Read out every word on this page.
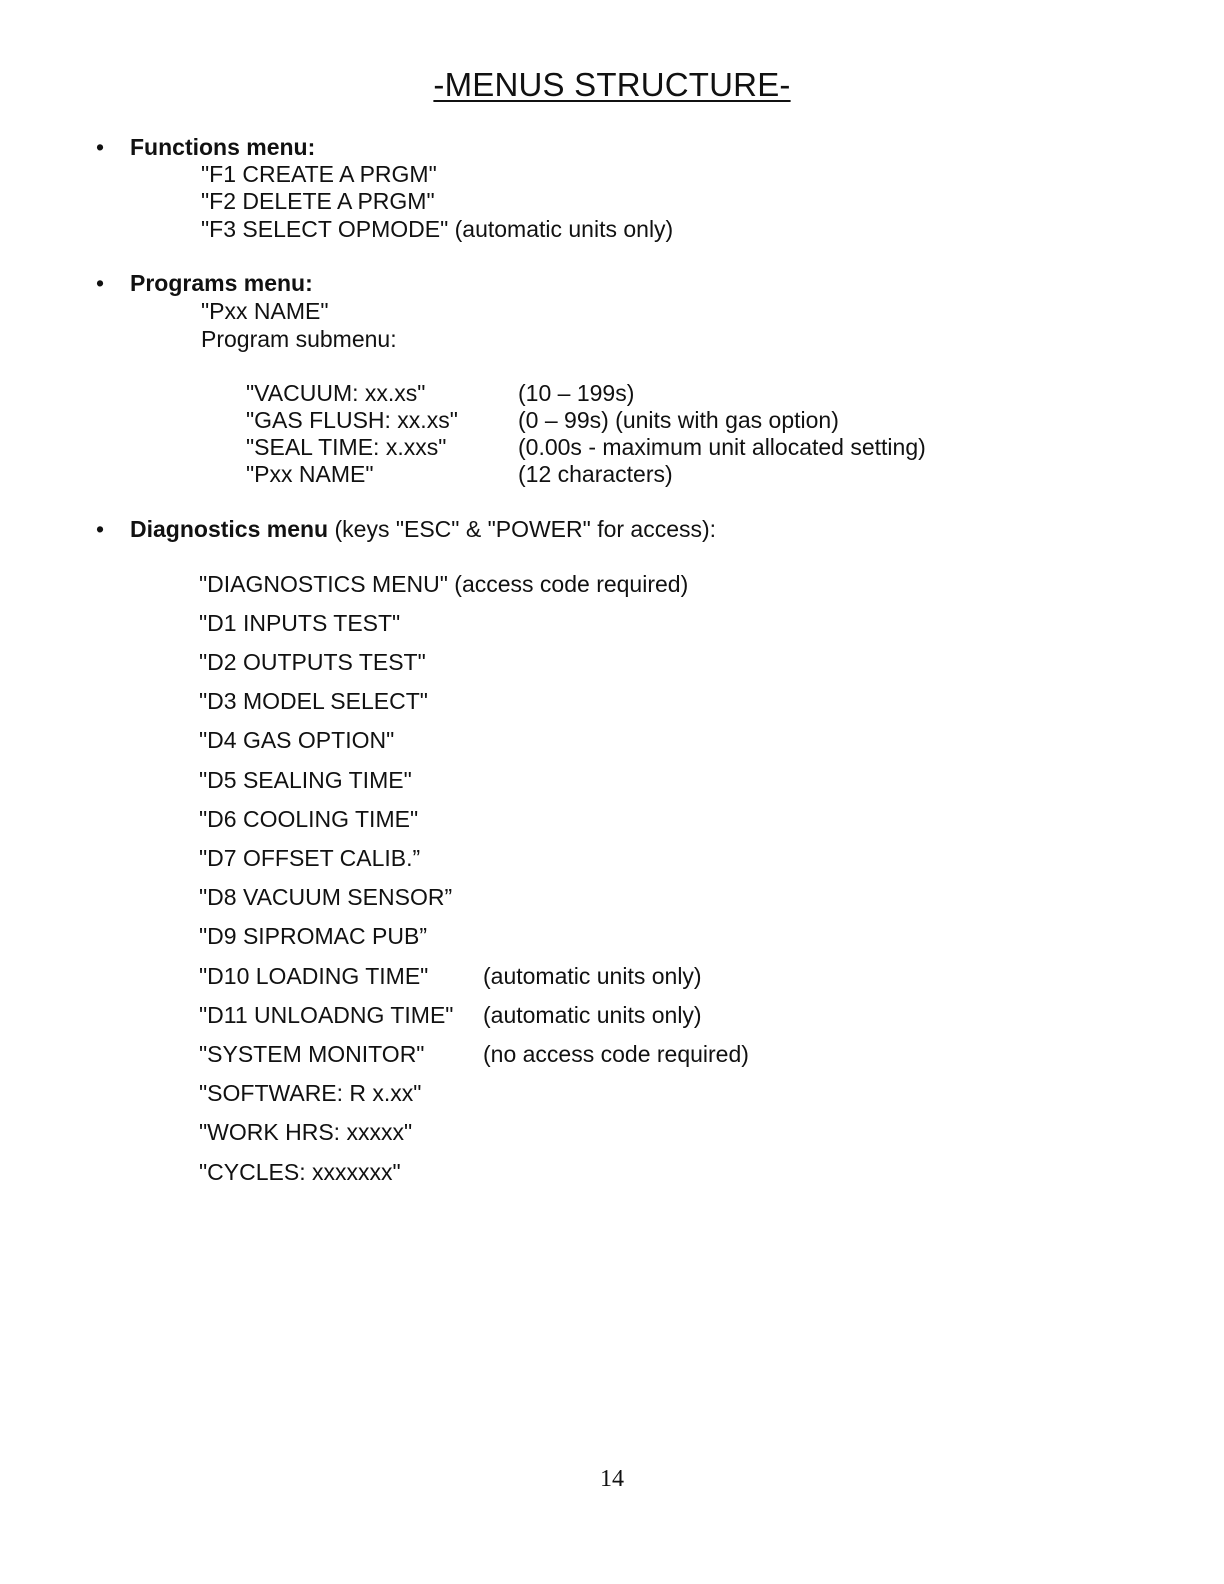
-MENUS STRUCTURE-
• Functions menu:
"F1 CREATE A PRGM"
"F2 DELETE A PRGM"
"F3 SELECT OPMODE" (automatic units only)
• Programs menu:
"Pxx NAME"
Program submenu:
"VACUUM: xx.xs"	(10 – 199s)
"GAS FLUSH: xx.xs"	(0 – 99s) (units with gas option)
"SEAL TIME: x.xxs"	(0.00s - maximum unit allocated setting)
"Pxx NAME"	(12 characters)
• Diagnostics menu (keys "ESC" & "POWER" for access):
"DIAGNOSTICS MENU" (access code required)
"D1 INPUTS TEST"
"D2 OUTPUTS TEST"
"D3 MODEL SELECT"
"D4 GAS OPTION"
"D5 SEALING TIME"
"D6 COOLING TIME"
"D7 OFFSET CALIB.”
"D8 VACUUM SENSOR”
"D9 SIPROMAC PUB”
"D10 LOADING TIME" (automatic units only)
"D11 UNLOADNG TIME" (automatic units only)
"SYSTEM MONITOR"	(no access code required)
"SOFTWARE: R x.xx"
"WORK HRS: xxxxx"
"CYCLES: xxxxxxx"
14
